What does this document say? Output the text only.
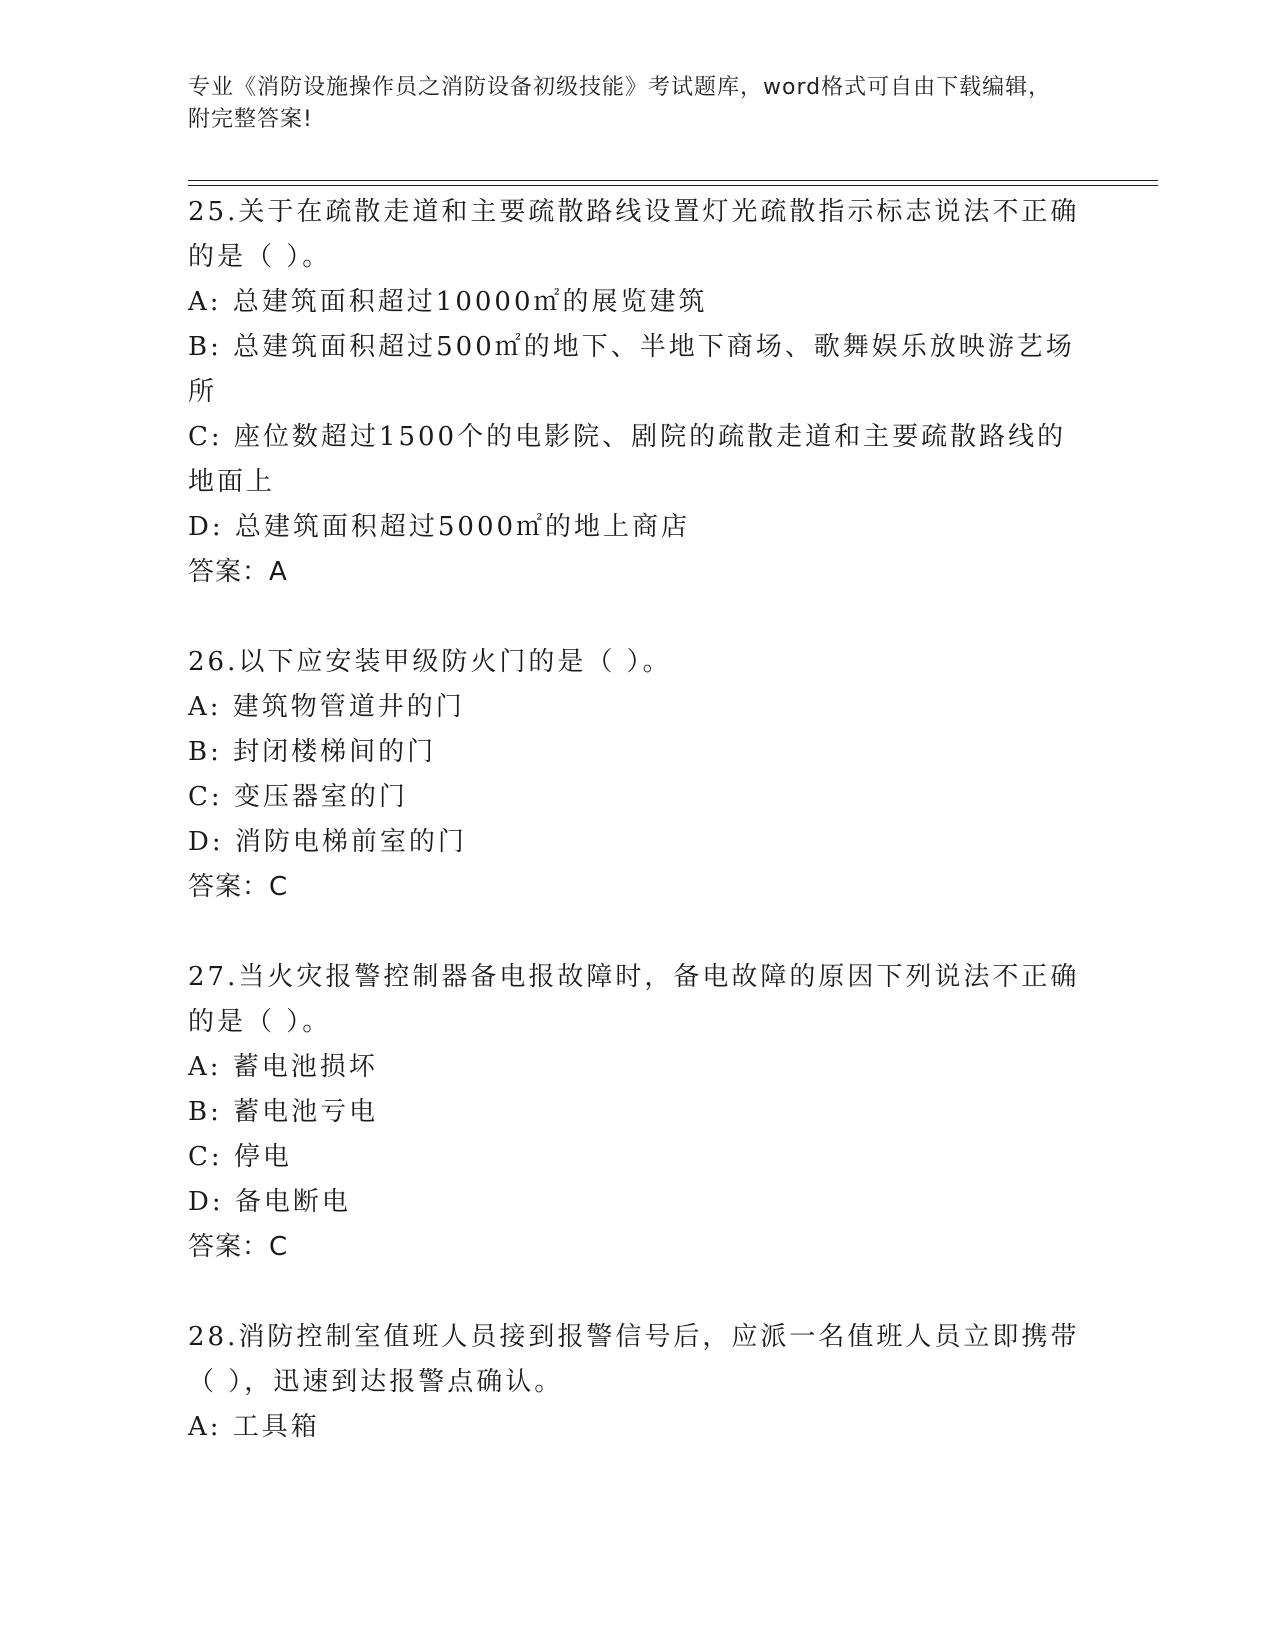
专业《消防设施操作员之消防设备初级技能》考试题库，word格式可自由下载编辑，附完整答案!

25.关于在疏散走道和主要疏散路线设置灯光疏散指示标志说法不正确的是（ ）。

A: 总建筑面积超过10000㎡的展览建筑

B: 总建筑面积超过500㎡的地下、半地下商场、歌舞娱乐放映游艺场所

C: 座位数超过1500个的电影院、剧院的疏散走道和主要疏散路线的地面上

D: 总建筑面积超过5000㎡的地上商店

答案：A

26.以下应安装甲级防火门的是（ ）。

A: 建筑物管道井的门

B: 封闭楼梯间的门

C: 变压器室的门

D: 消防电梯前室的门

答案：C

27.当火灾报警控制器备电报故障时，备电故障的原因下列说法不正确的是（ ）。

A: 蓄电池损坏

B: 蓄电池亏电

C: 停电

D: 备电断电

答案：C

28.消防控制室值班人员接到报警信号后，应派一名值班人员立即携带（ ），迅速到达报警点确认。

A: 工具箱
